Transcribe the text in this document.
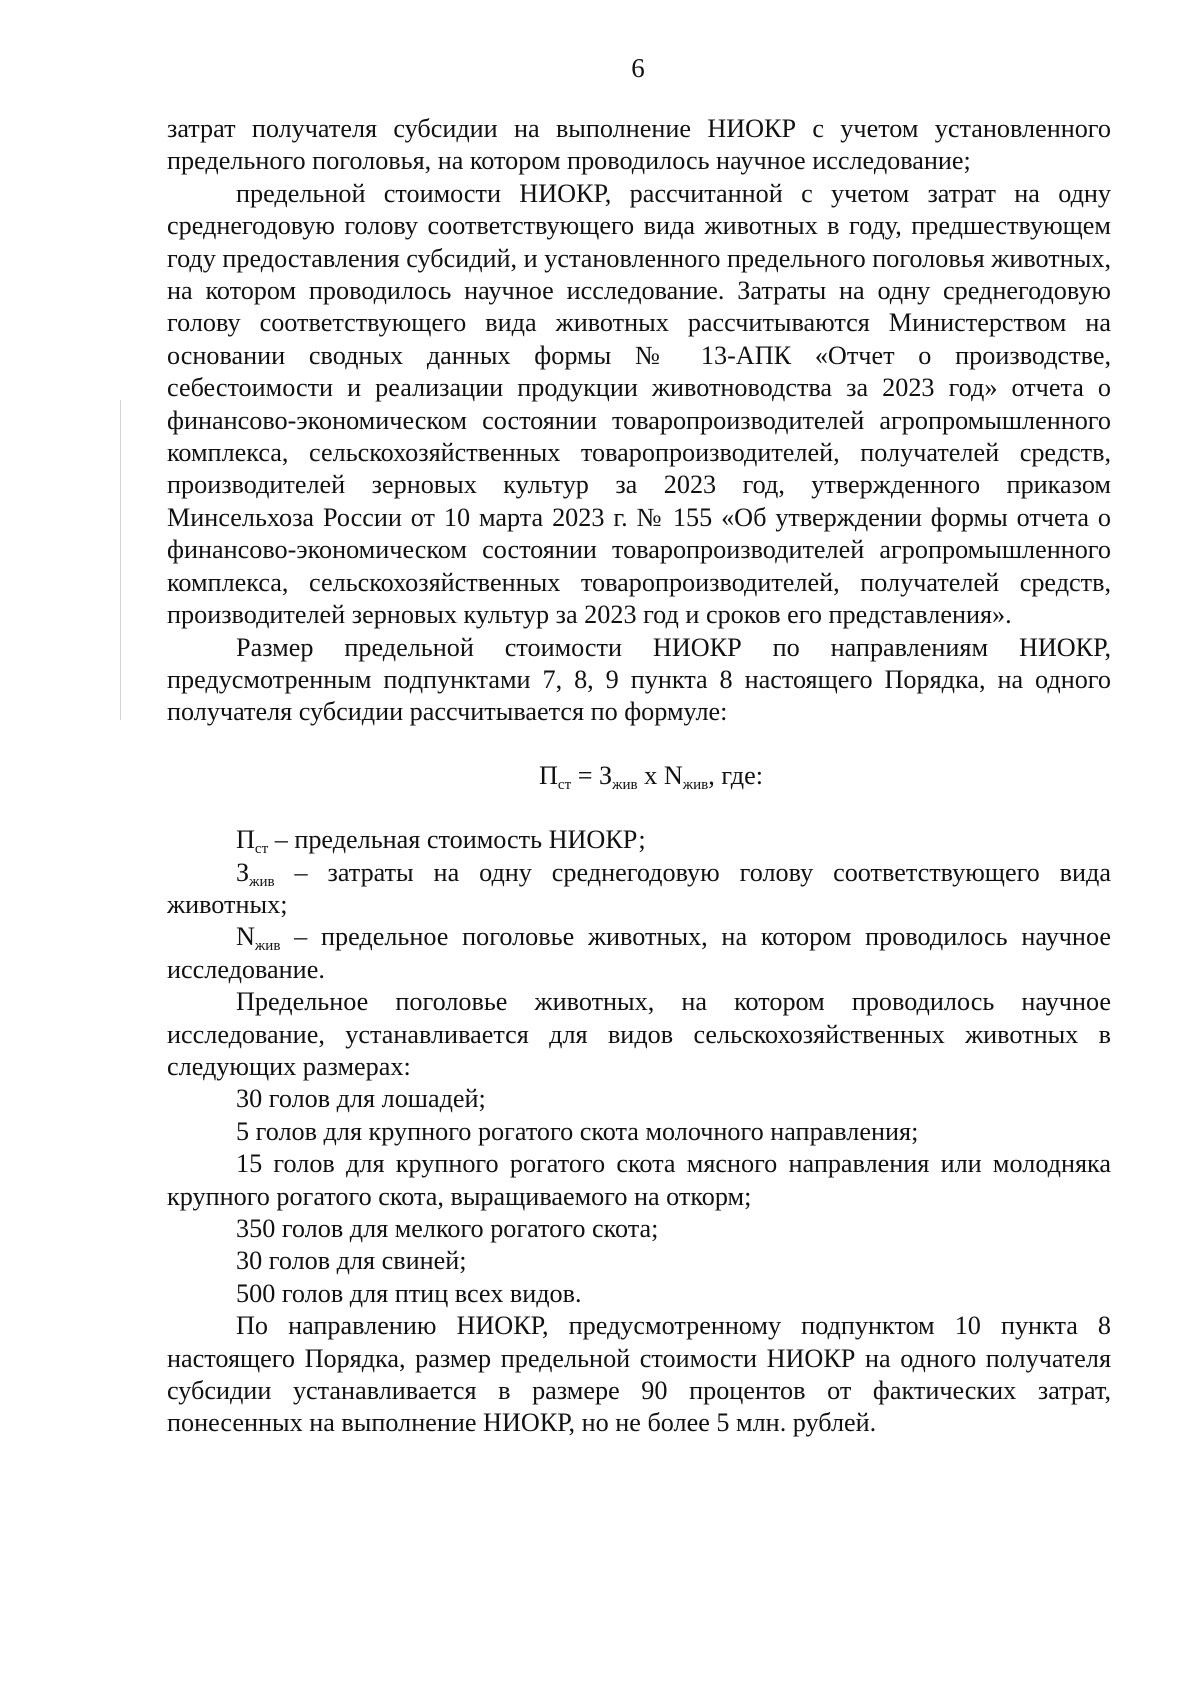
6

затрат получателя субсидии на выполнение НИОКР с учетом установленного предельного поголовья, на котором проводилось научное исследование;

предельной стоимости НИОКР, рассчитанной с учетом затрат на одну среднегодовую голову соответствующего вида животных в году, предшествующем году предоставления субсидий, и установленного предельного поголовья животных, на котором проводилось научное исследование. Затраты на одну среднегодовую голову соответствующего вида животных рассчитываются Министерством на основании сводных данных формы № 13-АПК «Отчет о производстве, себестоимости и реализации продукции животноводства за 2023 год» отчета о финансово-экономическом состоянии товаропроизводителей агропромышленного комплекса, сельскохозяйственных товаропроизводителей, получателей средств, производителей зерновых культур за 2023 год, утвержденного приказом Минсельхоза России от 10 марта 2023 г. № 155 «Об утверждении формы отчета о финансово-экономическом состоянии товаропроизводителей агропромышленного комплекса, сельскохозяйственных товаропроизводителей, получателей средств, производителей зерновых культур за 2023 год и сроков его представления».

Размер предельной стоимости НИОКР по направлениям НИОКР, предусмотренным подпунктами 7, 8, 9 пункта 8 настоящего Порядка, на одного получателя субсидии рассчитывается по формуле:

$П_{ст} = З_{жив}$ х $N_{жив}$, где:

$П_{ст}$ – предельная стоимость НИОКР;

$З_{жив}$ – затраты на одну среднегодовую голову соответствующего вида животных;

$N_{жив}$ – предельное поголовье животных, на котором проводилось научное исследование.

Предельное поголовье животных, на котором проводилось научное исследование, устанавливается для видов сельскохозяйственных животных в следующих размерах:

30 голов для лошадей;

5 голов для крупного рогатого скота молочного направления;

15 голов для крупного рогатого скота мясного направления или молодняка крупного рогатого скота, выращиваемого на откорм;

350 голов для мелкого рогатого скота;

30 голов для свиней;

500 голов для птиц всех видов.

По направлению НИОКР, предусмотренному подпунктом 10 пункта 8 настоящего Порядка, размер предельной стоимости НИОКР на одного получателя субсидии устанавливается в размере 90 процентов от фактических затрат, понесенных на выполнение НИОКР, но не более 5 млн. рублей.
